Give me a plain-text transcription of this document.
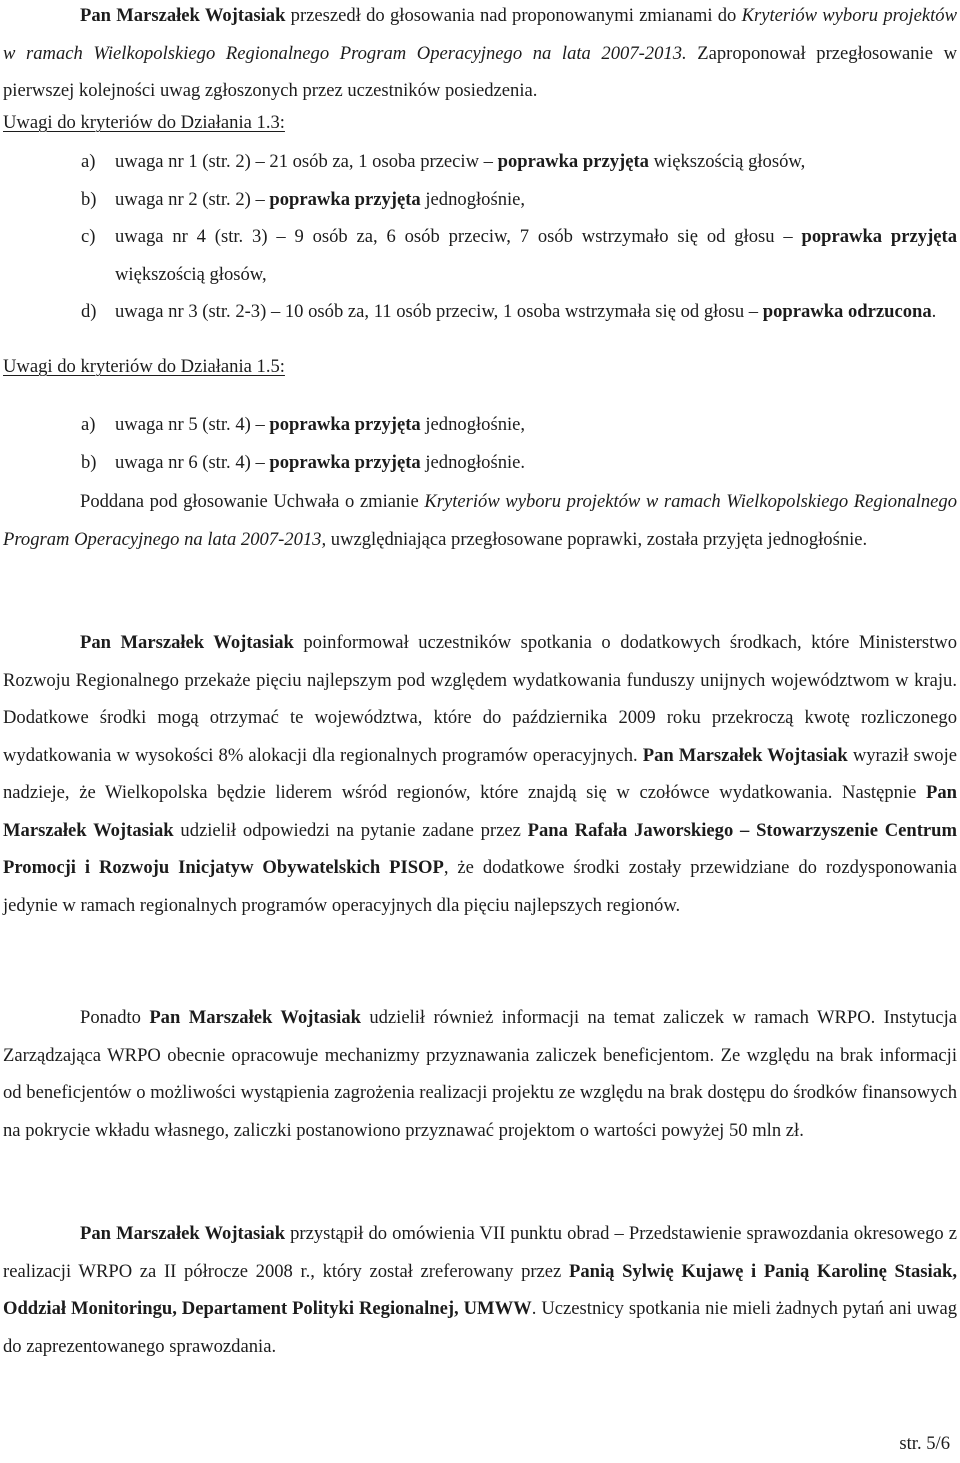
Pan Marszałek Wojtasiak przeszedł do głosowania nad proponowanymi zmianami do Kryteriów wyboru projektów w ramach Wielkopolskiego Regionalnego Program Operacyjnego na lata 2007-2013. Zaproponował przegłosowanie w pierwszej kolejności uwag zgłoszonych przez uczestników posiedzenia.

Uwagi do kryteriów do Działania 1.3:

a) uwaga nr 1 (str. 2) – 21 osób za, 1 osoba przeciw – poprawka przyjęta większością głosów,
b) uwaga nr 2 (str. 2) – poprawka przyjęta jednogłośnie,
c) uwaga nr 4 (str. 3) – 9 osób za, 6 osób przeciw, 7 osób wstrzymało się od głosu – poprawka przyjęta większością głosów,
d) uwaga nr 3 (str. 2-3) – 10 osób za, 11 osób przeciw, 1 osoba wstrzymała się od głosu – poprawka odrzucona.

Uwagi do kryteriów do Działania 1.5:

a) uwaga nr 5 (str. 4) – poprawka przyjęta jednogłośnie,
b) uwaga nr 6 (str. 4) – poprawka przyjęta jednogłośnie.

Poddana pod głosowanie Uchwała o zmianie Kryteriów wyboru projektów w ramach Wielkopolskiego Regionalnego Program Operacyjnego na lata 2007-2013, uwzględniająca przegłosowane poprawki, została przyjęta jednogłośnie.

Pan Marszałek Wojtasiak poinformował uczestników spotkania o dodatkowych środkach, które Ministerstwo Rozwoju Regionalnego przekaże pięciu najlepszym pod względem wydatkowania funduszy unijnych województwom w kraju. Dodatkowe środki mogą otrzymać te województwa, które do października 2009 roku przekroczą kwotę rozliczonego wydatkowania w wysokości 8% alokacji dla regionalnych programów operacyjnych. Pan Marszałek Wojtasiak wyraził swoje nadzieje, że Wielkopolska będzie liderem wśród regionów, które znajdą się w czołówce wydatkowania. Następnie Pan Marszałek Wojtasiak udzielił odpowiedzi na pytanie zadane przez Pana Rafała Jaworskiego – Stowarzyszenie Centrum Promocji i Rozwoju Inicjatyw Obywatelskich PISOP, że dodatkowe środki zostały przewidziane do rozdysponowania jedynie w ramach regionalnych programów operacyjnych dla pięciu najlepszych regionów.

Ponadto Pan Marszałek Wojtasiak udzielił również informacji na temat zaliczek w ramach WRPO. Instytucja Zarządzająca WRPO obecnie opracowuje mechanizmy przyznawania zaliczek beneficjentom. Ze względu na brak informacji od beneficjentów o możliwości wystąpienia zagrożenia realizacji projektu ze względu na brak dostępu do środków finansowych na pokrycie wkładu własnego, zaliczki postanowiono przyznawać projektom o wartości powyżej 50 mln zł.

Pan Marszałek Wojtasiak przystąpił do omówienia VII punktu obrad – Przedstawienie sprawozdania okresowego z realizacji WRPO za II półrocze 2008 r., który został zreferowany przez Panią Sylwię Kujawę i Panią Karolinę Stasiak, Oddział Monitoringu, Departament Polityki Regionalnej, UMWW. Uczestnicy spotkania nie mieli żadnych pytań ani uwag do zaprezentowanego sprawozdania.

str. 5/6
